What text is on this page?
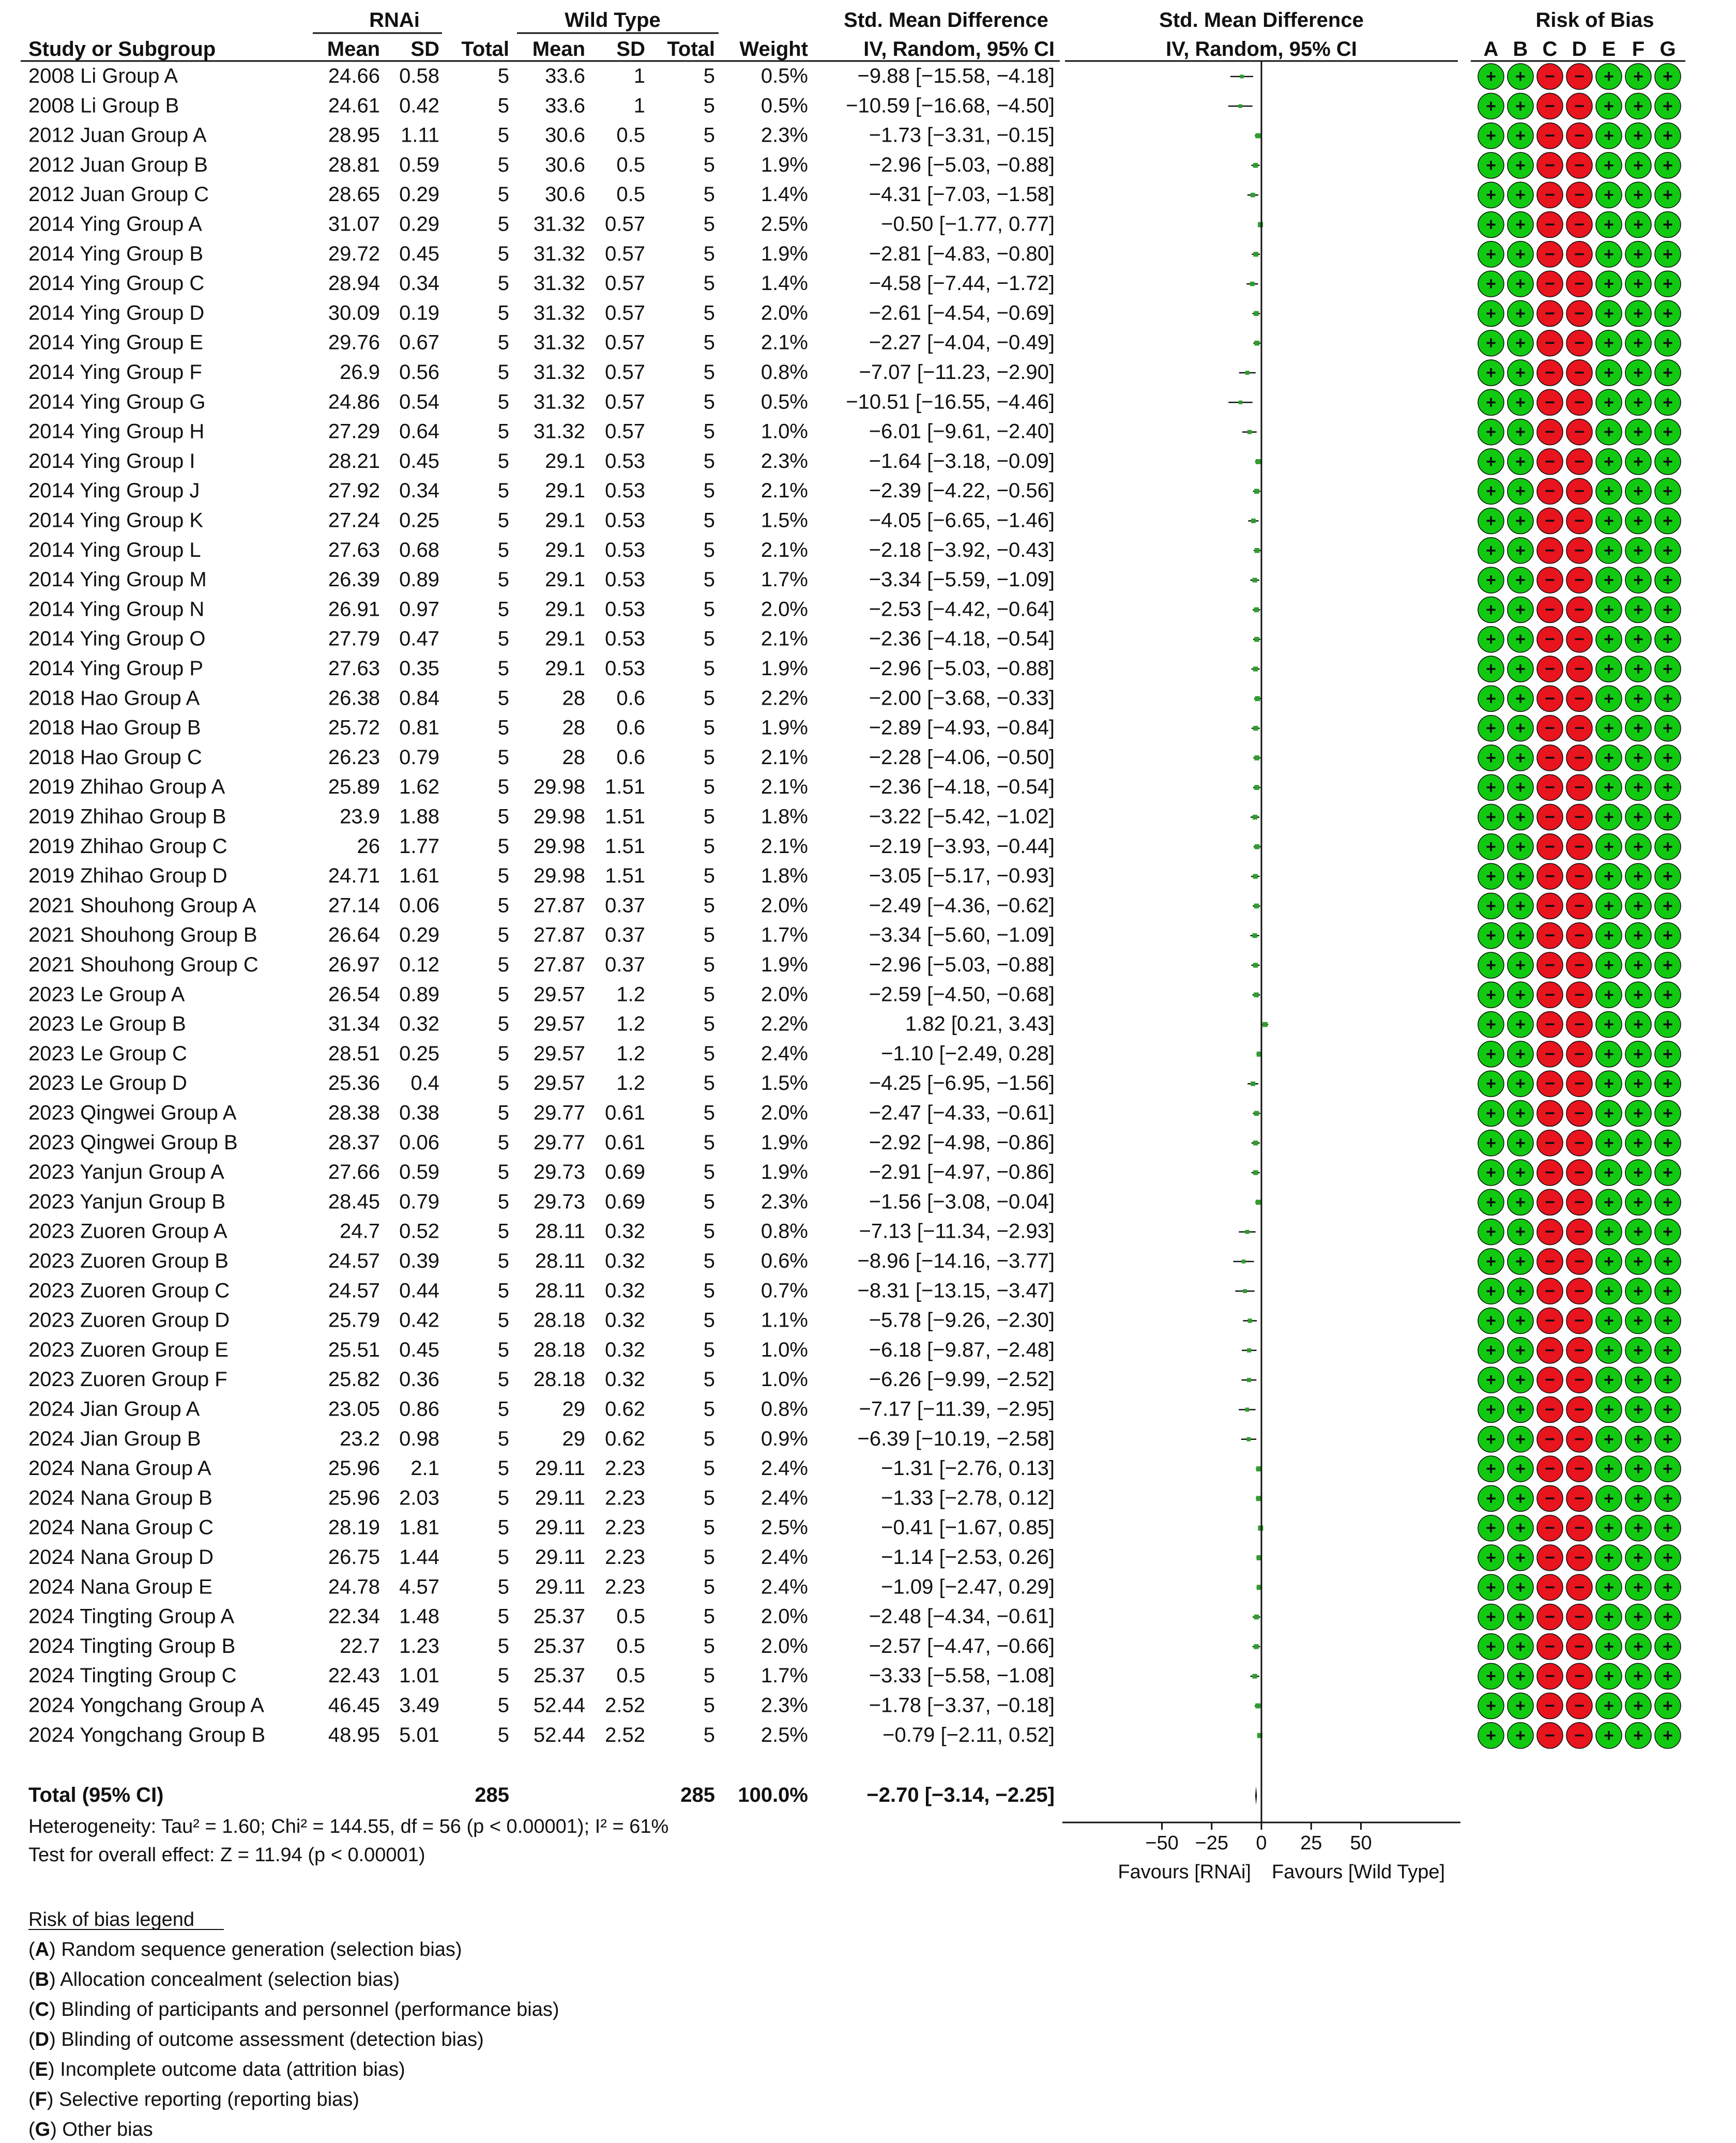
RNAi	Wild Type	Std. Mean Difference	Std. Mean Difference	Risk of Bias
Study or Subgroup	Mean SD Total Mean SD Total Weight	IV, Random, 95% CI	IV, Random, 95% CI	A B C D E F G
2008 Li Group A	24.66 0.58	5 33.6 1	5 0.5% −9.88 [−15.58, −4.18]	+ + − − + + +
2008 Li Group B	24.61 0.42	5 33.6 1	5 0.5% −10.59 [−16.68, −4.50]	+ + − − + + +
2012 Juan Group A	28.95 1.11	5 30.6 0.5	5 2.3%	−1.73 [−3.31, −0.15]	+ + − − + + +
2012 Juan Group B	28.81 0.59	5 30.6 0.5	5 1.9%	−2.96 [−5.03, −0.88]	+ + − − + + +
2012 Juan Group C	28.65 0.29	5 30.6 0.5	5 1.4%	−4.31 [−7.03, −1.58]	+ + − − + + +
2014 Ying Group A	31.07 0.29	5 31.32 0.57	5 2.5%	−0.50 [−1.77, 0.77]	+ + − − + + +
2014 Ying Group B	29.72 0.45	5 31.32 0.57	5 1.9%	−2.81 [−4.83, −0.80]	+ + − − + + +
2014 Ying Group C	28.94 0.34	5 31.32 0.57	5 1.4%	−4.58 [−7.44, −1.72]	+ + − − + + +
2014 Ying Group D	30.09 0.19	5 31.32 0.57	5 2.0%	−2.61 [−4.54, −0.69]	+ + − − + + +
2014 Ying Group E	29.76 0.67	5 31.32 0.57	5 2.1%	−2.27 [−4.04, −0.49]	+ + − − + + +
2014 Ying Group F	26.9 0.56	5 31.32 0.57	5 0.8% −7.07 [−11.23, −2.90]	+ + − − + + +
2014 Ying Group G	24.86 0.54	5 31.32 0.57	5 0.5% −10.51 [−16.55, −4.46]	+ + − − + + +
2014 Ying Group H	27.29 0.64	5 31.32 0.57	5 1.0%	−6.01 [−9.61, −2.40]	+ + − − + + +
2014 Ying Group I	28.21 0.45	5 29.1 0.53	5 2.3%	−1.64 [−3.18, −0.09]	+ + − − + + +
2014 Ying Group J	27.92 0.34	5 29.1 0.53	5 2.1%	−2.39 [−4.22, −0.56]	+ + − − + + +
2014 Ying Group K	27.24 0.25	5 29.1 0.53	5 1.5%	−4.05 [−6.65, −1.46]	+ + − − + + +
2014 Ying Group L	27.63 0.68	5 29.1 0.53	5 2.1%	−2.18 [−3.92, −0.43]	+ + − − + + +
2014 Ying Group M	26.39 0.89	5 29.1 0.53	5 1.7%	−3.34 [−5.59, −1.09]	+ + − − + + +
2014 Ying Group N	26.91 0.97	5 29.1 0.53	5 2.0%	−2.53 [−4.42, −0.64]	+ + − − + + +
2014 Ying Group O	27.79 0.47	5 29.1 0.53	5 2.1%	−2.36 [−4.18, −0.54]	+ + − − + + +
2014 Ying Group P	27.63 0.35	5 29.1 0.53	5 1.9%	−2.96 [−5.03, −0.88]	+ + − − + + +
2018 Hao Group A	26.38 0.84	5	28 0.6	5 2.2%	−2.00 [−3.68, −0.33]	+ + − − + + +
2018 Hao Group B	25.72 0.81	5	28 0.6	5 1.9%	−2.89 [−4.93, −0.84]	+ + − − + + +
2018 Hao Group C	26.23 0.79	5	28 0.6	5 2.1%	−2.28 [−4.06, −0.50]	+ + − − + + +
2019 Zhihao Group A	25.89 1.62	5 29.98 1.51	5 2.1%	−2.36 [−4.18, −0.54]	+ + − − + + +
2019 Zhihao Group B	23.9 1.88	5 29.98 1.51	5 1.8%	−3.22 [−5.42, −1.02]	+ + − − + + +
2019 Zhihao Group C	26 1.77	5 29.98 1.51	5 2.1%	−2.19 [−3.93, −0.44]	+ + − − + + +
2019 Zhihao Group D	24.71 1.61	5 29.98 1.51	5 1.8%	−3.05 [−5.17, −0.93]	+ + − − + + +
2021 Shouhong Group A	27.14 0.06	5 27.87 0.37	5 2.0%	−2.49 [−4.36, −0.62]	+ + − − + + +
2021 Shouhong Group B	26.64 0.29	5 27.87 0.37	5 1.7%	−3.34 [−5.60, −1.09]	+ + − − + + +
2021 Shouhong Group C	26.97 0.12	5 27.87 0.37	5 1.9%	−2.96 [−5.03, −0.88]	+ + − − + + +
2023 Le Group A	26.54 0.89	5 29.57 1.2	5 2.0%	−2.59 [−4.50, −0.68]	+ + − − + + +
2023 Le Group B	31.34 0.32	5 29.57 1.2	5 2.2%	1.82 [0.21, 3.43]	+ + − − + + +
2023 Le Group C	28.51 0.25	5 29.57 1.2	5 2.4%	−1.10 [−2.49, 0.28]	+ + − − + + +
2023 Le Group D	25.36 0.4	5 29.57 1.2	5 1.5%	−4.25 [−6.95, −1.56]	+ + − − + + +
2023 Qingwei Group A	28.38 0.38	5 29.77 0.61	5 2.0%	−2.47 [−4.33, −0.61]	+ + − − + + +
2023 Qingwei Group B	28.37 0.06	5 29.77 0.61	5 1.9%	−2.92 [−4.98, −0.86]	+ + − − + + +
2023 Yanjun Group A	27.66 0.59	5 29.73 0.69	5 1.9%	−2.91 [−4.97, −0.86]	+ + − − + + +
2023 Yanjun Group B	28.45 0.79	5 29.73 0.69	5 2.3%	−1.56 [−3.08, −0.04]	+ + − − + + +
2023 Zuoren Group A	24.7 0.52	5 28.11 0.32	5 0.8% −7.13 [−11.34, −2.93]	+ + − − + + +
2023 Zuoren Group B	24.57 0.39	5 28.11 0.32	5 0.6% −8.96 [−14.16, −3.77]	+ + − − + + +
2023 Zuoren Group C	24.57 0.44	5 28.11 0.32	5 0.7% −8.31 [−13.15, −3.47]	+ + − − + + +
2023 Zuoren Group D	25.79 0.42	5 28.18 0.32	5 1.1%	−5.78 [−9.26, −2.30]	+ + − − + + +
2023 Zuoren Group E	25.51 0.45	5 28.18 0.32	5 1.0%	−6.18 [−9.87, −2.48]	+ + − − + + +
2023 Zuoren Group F	25.82 0.36	5 28.18 0.32	5 1.0%	−6.26 [−9.99, −2.52]	+ + − − + + +
2024 Jian Group A	23.05 0.86	5	29 0.62	5 0.8% −7.17 [−11.39, −2.95]	+ + − − + + +
2024 Jian Group B	23.2 0.98	5	29 0.62	5 0.9% −6.39 [−10.19, −2.58]	+ + − − + + +
2024 Nana Group A	25.96 2.1	5 29.11 2.23	5 2.4%	−1.31 [−2.76, 0.13]	+ + − − + + +
2024 Nana Group B	25.96 2.03	5 29.11 2.23	5 2.4%	−1.33 [−2.78, 0.12]	+ + − − + + +
2024 Nana Group C	28.19 1.81	5 29.11 2.23	5 2.5%	−0.41 [−1.67, 0.85]	+ + − − + + +
2024 Nana Group D	26.75 1.44	5 29.11 2.23	5 2.4%	−1.14 [−2.53, 0.26]	+ + − − + + +
2024 Nana Group E	24.78 4.57	5 29.11 2.23	5 2.4%	−1.09 [−2.47, 0.29]	+ + − − + + +
2024 Tingting Group A	22.34 1.48	5 25.37 0.5	5 2.0%	−2.48 [−4.34, −0.61]	+ + − − + + +
2024 Tingting Group B	22.7 1.23	5 25.37 0.5	5 2.0%	−2.57 [−4.47, −0.66]	+ + − − + + +
2024 Tingting Group C	22.43 1.01	5 25.37 0.5	5 1.7%	−3.33 [−5.58, −1.08]	+ + − − + + +
2024 Yongchang Group A	46.45 3.49	5 52.44 2.52	5 2.3%	−1.78 [−3.37, −0.18]	+ + − − + + +
2024 Yongchang Group B	48.95 5.01	5 52.44 2.52	5 2.5%	−0.79 [−2.11, 0.52]	+ + − − + + +
Total (95% CI)	285	285 100.0%	−2.70 [−3.14, −2.25]
Heterogeneity: Tau² = 1.60; Chi² = 144.55, df = 56 (p < 0.00001); I² = 61%
Test for overall effect: Z = 11.94 (p < 0.00001)
−50 −25 0 25 50
Favours [RNAi] Favours [Wild Type]
Risk of bias legend
(A) Random sequence generation (selection bias)
(B) Allocation concealment (selection bias)
(C) Blinding of participants and personnel (performance bias)
(D) Blinding of outcome assessment (detection bias)
(E) Incomplete outcome data (attrition bias)
(F) Selective reporting (reporting bias)
(G) Other bias
